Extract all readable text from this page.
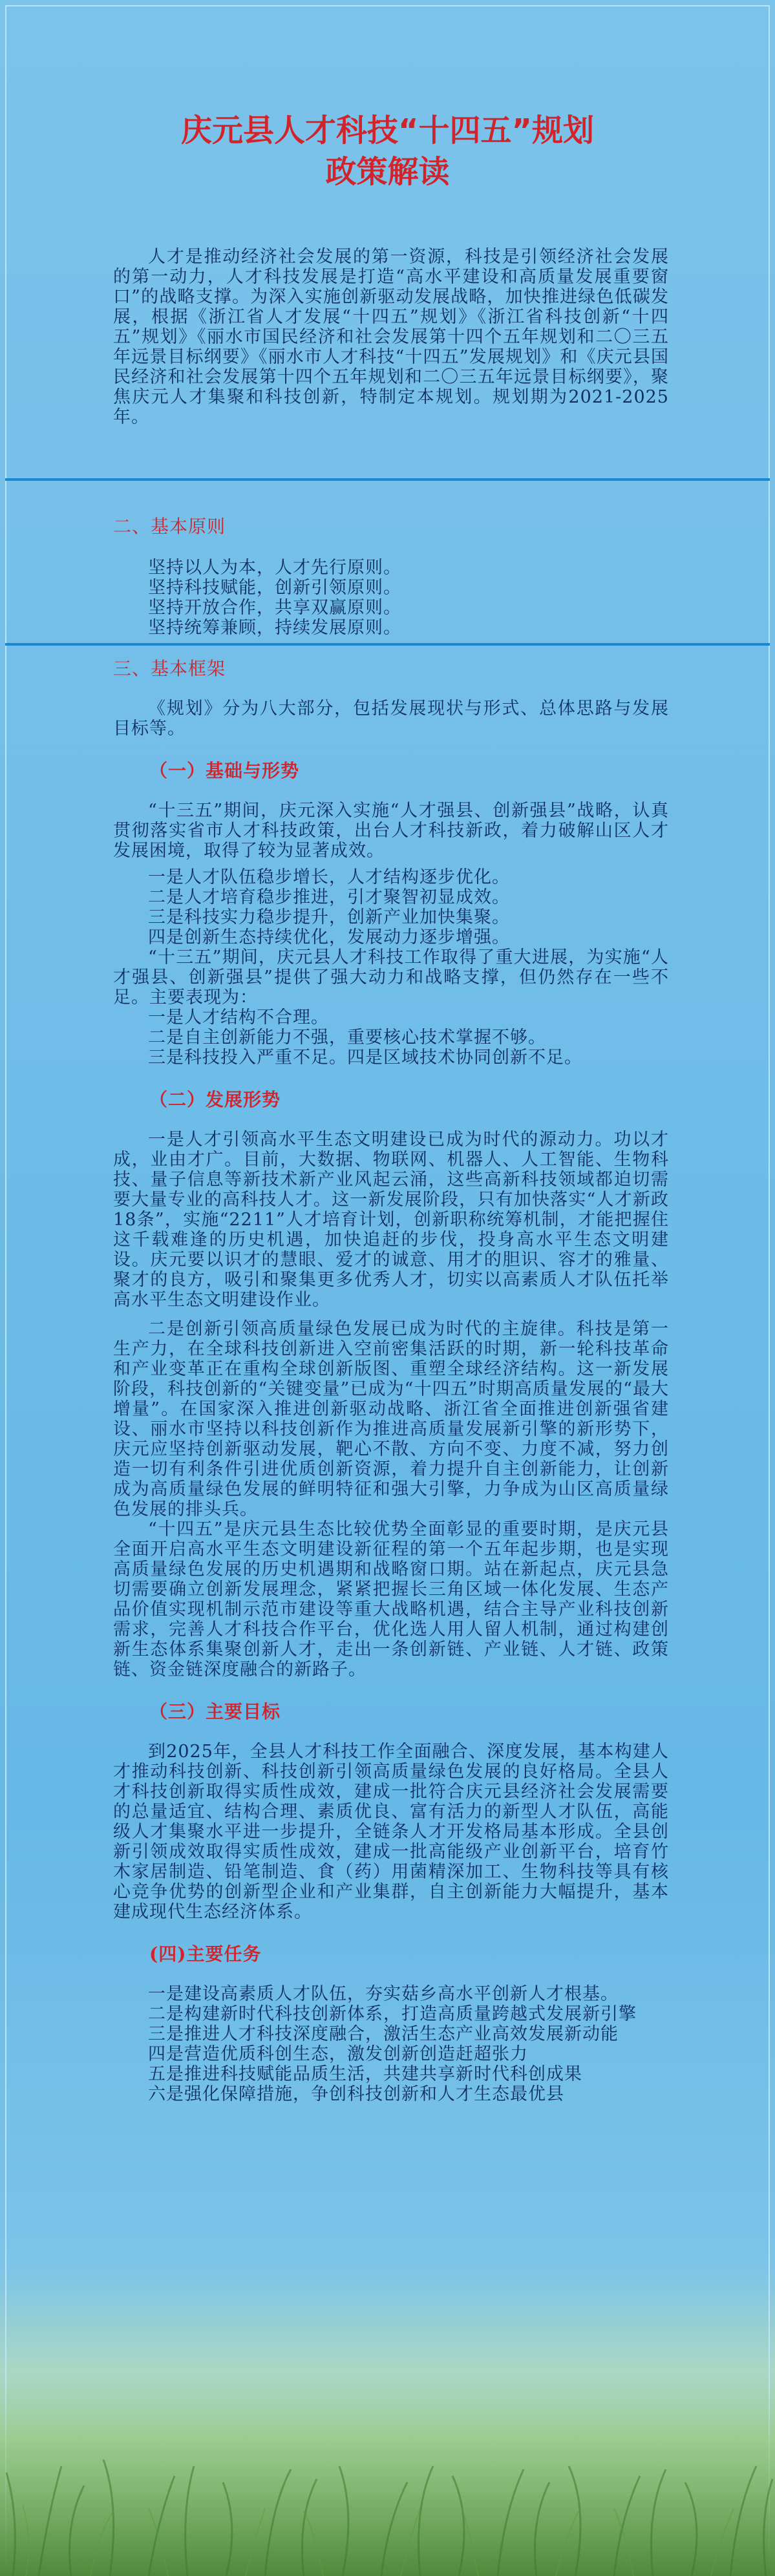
庆元县人才科技“十四五”规划
政策解读

人才是推动经济社会发展的第一资源，科技是引领经济社会发展的第一动力，人才科技发展是打造“高水平建设和高质量发展重要窗口”的战略支撑。为深入实施创新驱动发展战略，加快推进绿色低碳发展，根据《浙江省人才发展“十四五”规划》《浙江省科技创新“十四五”规划》《丽水市国民经济和社会发展第十四个五年规划和二〇三五年远景目标纲要》《丽水市人才科技“十四五”发展规划》和《庆元县国民经济和社会发展第十四个五年规划和二〇三五年远景目标纲要》，聚焦庆元人才集聚和科技创新，特制定本规划。规划期为2021-2025年。

二、基本原则

坚持以人为本，人才先行原则。

坚持科技赋能，创新引领原则。

坚持开放合作，共享双赢原则。

坚持统筹兼顾，持续发展原则。

三、基本框架

《规划》分为八大部分，包括发展现状与形式、总体思路与发展目标等。

（一）基础与形势

“十三五”期间，庆元深入实施“人才强县、创新强县”战略，认真贯彻落实省市人才科技政策，出台人才科技新政，着力破解山区人才发展困境，取得了较为显著成效。

一是人才队伍稳步增长，人才结构逐步优化。

二是人才培育稳步推进，引才聚智初显成效。

三是科技实力稳步提升，创新产业加快集聚。

四是创新生态持续优化，发展动力逐步增强。

“十三五”期间，庆元县人才科技工作取得了重大进展，为实施“人才强县、创新强县”提供了强大动力和战略支撑，但仍然存在一些不足。主要表现为：

一是人才结构不合理。

二是自主创新能力不强，重要核心技术掌握不够。

三是科技投入严重不足。四是区域技术协同创新不足。

（二）发展形势

一是人才引领高水平生态文明建设已成为时代的源动力。功以才成，业由才广。目前，大数据、物联网、机器人、人工智能、生物科技、量子信息等新技术新产业风起云涌，这些高新科技领域都迫切需要大量专业的高科技人才。这一新发展阶段，只有加快落实“人才新政18条”，实施“2211”人才培育计划，创新职称统筹机制，才能把握住这千载难逢的历史机遇，加快追赶的步伐，投身高水平生态文明建设。庆元要以识才的慧眼、爱才的诚意、用才的胆识、容才的雅量、聚才的良方，吸引和聚集更多优秀人才，切实以高素质人才队伍托举高水平生态文明建设作业。

二是创新引领高质量绿色发展已成为时代的主旋律。科技是第一生产力，在全球科技创新进入空前密集活跃的时期，新一轮科技革命和产业变革正在重构全球创新版图、重塑全球经济结构。这一新发展阶段，科技创新的“关键变量”已成为“十四五”时期高质量发展的“最大增量”。在国家深入推进创新驱动战略、浙江省全面推进创新强省建设、丽水市坚持以科技创新作为推进高质量发展新引擎的新形势下，庆元应坚持创新驱动发展，靶心不散、方向不变、力度不减，努力创造一切有利条件引进优质创新资源，着力提升自主创新能力，让创新成为高质量绿色发展的鲜明特征和强大引擎，力争成为山区高质量绿色发展的排头兵。

“十四五”是庆元县生态比较优势全面彰显的重要时期，是庆元县全面开启高水平生态文明建设新征程的第一个五年起步期，也是实现高质量绿色发展的历史机遇期和战略窗口期。站在新起点，庆元县急切需要确立创新发展理念，紧紧把握长三角区域一体化发展、生态产品价值实现机制示范市建设等重大战略机遇，结合主导产业科技创新需求，完善人才科技合作平台，优化选人用人留人机制，通过构建创新生态体系集聚创新人才，走出一条创新链、产业链、人才链、政策链、资金链深度融合的新路子。

（三）主要目标

到2025年，全县人才科技工作全面融合、深度发展，基本构建人才推动科技创新、科技创新引领高质量绿色发展的良好格局。全县人才科技创新取得实质性成效，建成一批符合庆元县经济社会发展需要的总量适宜、结构合理、素质优良、富有活力的新型人才队伍，高能级人才集聚水平进一步提升，全链条人才开发格局基本形成。全县创新引领成效取得实质性成效，建成一批高能级产业创新平台，培育竹木家居制造、铅笔制造、食（药）用菌精深加工、生物科技等具有核心竞争优势的创新型企业和产业集群，自主创新能力大幅提升，基本建成现代生态经济体系。

(四)主要任务

一是建设高素质人才队伍，夯实菇乡高水平创新人才根基。

二是构建新时代科技创新体系，打造高质量跨越式发展新引擎

三是推进人才科技深度融合，激活生态产业高效发展新动能

四是营造优质科创生态，激发创新创造赶超张力

五是推进科技赋能品质生活，共建共享新时代科创成果

六是强化保障措施，争创科技创新和人才生态最优县
